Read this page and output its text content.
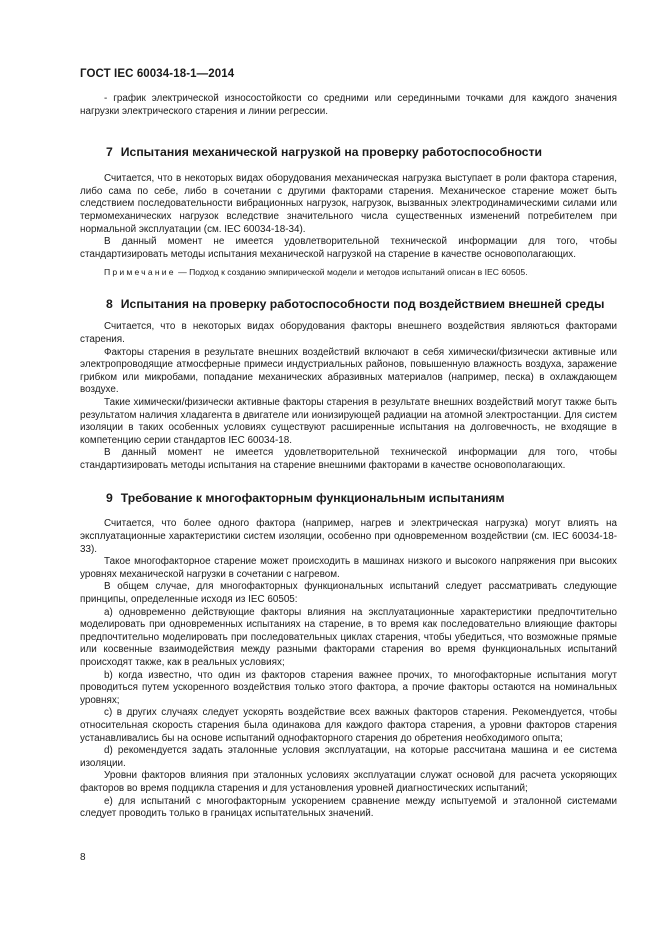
ГОСТ IEC 60034-18-1—2014

- график электрической износостойкости со средними или серединными точками для каждого значения нагрузки электрического старения и линии регрессии.

7 Испытания механической нагрузкой на проверку работоспособности

Считается, что в некоторых видах оборудования механическая нагрузка выступает в роли фактора старения, либо сама по себе, либо в сочетании с другими факторами старения. Механическое старение может быть следствием последовательности вибрационных нагрузок, нагрузок, вызванных электродинамическими силами или термомеханических нагрузок вследствие значительного числа существенных изменений потребителем при нормальной эксплуатации (см. IEC 60034-18-34).

В данный момент не имеется удовлетворительной технической информации для того, чтобы стандартизировать методы испытания механической нагрузкой на старение в качестве основополагающих.

Примечание — Подход к созданию эмпирической модели и методов испытаний описан в IEC 60505.

8 Испытания на проверку работоспособности под воздействием внешней среды

Считается, что в некоторых видах оборудования факторы внешнего воздействия являються факторами старения.

Факторы старения в результате внешних воздействий включают в себя химически/физически активные или электропроводящие атмосферные примеси индустриальных районов, повышенную влажность воздуха, заражение грибком или микробами, попадание механических абразивных материалов (например, песка) в охлаждающем воздухе.

Такие химически/физически активные факторы старения в результате внешних воздействий могут также быть результатом наличия хладагента в двигателе или ионизирующей радиации на атомной электростанции. Для систем изоляции в таких особенных условиях существуют расширенные испытания на долговечность, не входящие в компетенцию серии стандартов IEC 60034-18.

В данный момент не имеется удовлетворительной технической информации для того, чтобы стандартизировать методы испытания на старение внешними факторами в качестве основополагающих.

9 Требование к многофакторным функциональным испытаниям

Считается, что более одного фактора (например, нагрев и электрическая нагрузка) могут влиять на эксплуатационные характеристики систем изоляции, особенно при одновременном воздействии (см. IEC 60034-18-33).

Такое многофакторное старение может происходить в машинах низкого и высокого напряжения при высоких уровнях механической нагрузки в сочетании с нагревом.

В общем случае, для многофакторных функциональных испытаний следует рассматривать следующие принципы, определенные исходя из IEC 60505:

a) одновременно действующие факторы влияния на эксплуатационные характеристики предпочтительно моделировать при одновременных испытаниях на старение, в то время как последовательно влияющие факторы предпочтительно моделировать при последовательных циклах старения, чтобы убедиться, что возможные прямые или косвенные взаимодействия между разными факторами старения во время функциональных испытаний происходят также, как в реальных условиях;

b) когда известно, что один из факторов старения важнее прочих, то многофакторные испытания могут проводиться путем ускоренного воздействия только этого фактора, а прочие факторы остаются на номинальных уровнях;

c) в других случаях следует ускорять воздействие всех важных факторов старения. Рекомендуется, чтобы относительная скорость старения была одинакова для каждого фактора старения, а уровни факторов старения устанавливались бы на основе испытаний однофакторного старения до обретения необходимого опыта;

d) рекомендуется задать эталонные условия эксплуатации, на которые рассчитана машина и ее система изоляции.

Уровни факторов влияния при эталонных условиях эксплуатации служат основой для расчета ускоряющих факторов во время подцикла старения и для установления уровней диагностических испытаний;

e) для испытаний с многофакторным ускорением сравнение между испытуемой и эталонной системами следует проводить только в границах испытательных значений.

8
